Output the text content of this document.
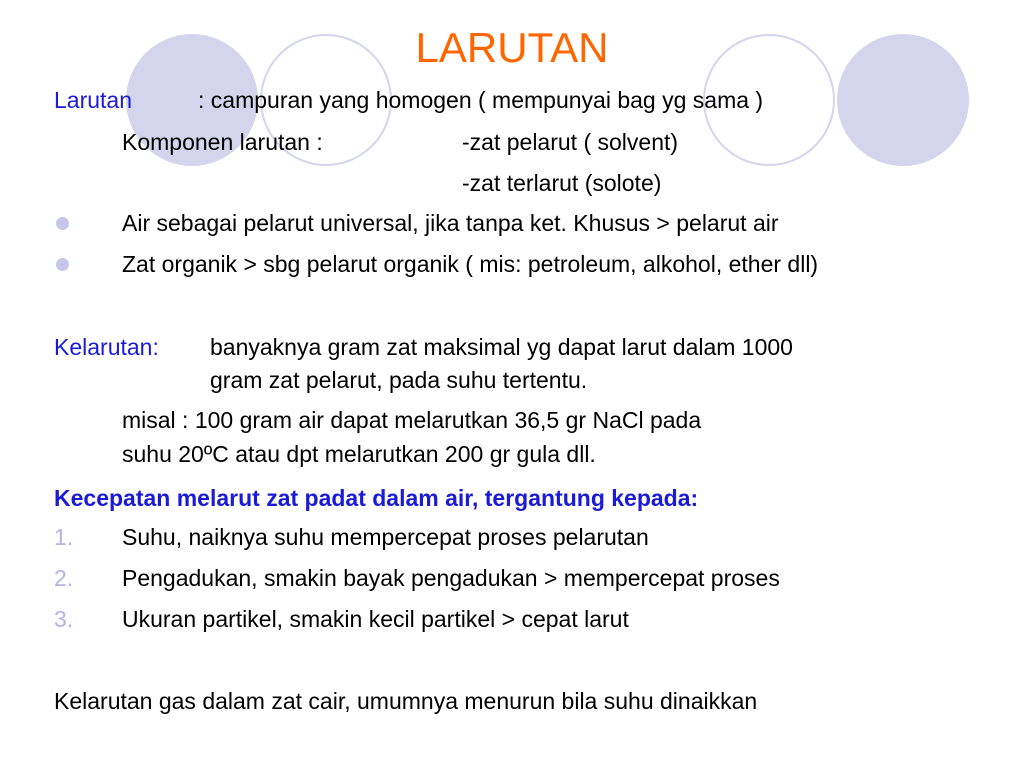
LARUTAN
Larutan	: campuran yang homogen ( mempunyai bag yg sama )
Komponen larutan :	-zat pelarut ( solvent)
-zat terlarut (solote)
Air sebagai pelarut universal, jika tanpa ket. Khusus > pelarut air
Zat organik > sbg pelarut organik ( mis: petroleum, alkohol, ether dll)
Kelarutan: banyaknya gram zat maksimal yg dapat larut dalam 1000
gram zat pelarut, pada suhu tertentu.
misal : 100 gram air dapat melarutkan 36,5 gr NaCl pada
suhu 20ºC atau dpt melarutkan 200 gr gula dll.
Kecepatan melarut zat padat dalam air, tergantung kepada:
1. Suhu, naiknya suhu mempercepat proses pelarutan
2. Pengadukan, smakin bayak pengadukan > mempercepat proses
3. Ukuran partikel, smakin kecil partikel > cepat larut
Kelarutan gas dalam zat cair, umumnya menurun bila suhu dinaikkan
